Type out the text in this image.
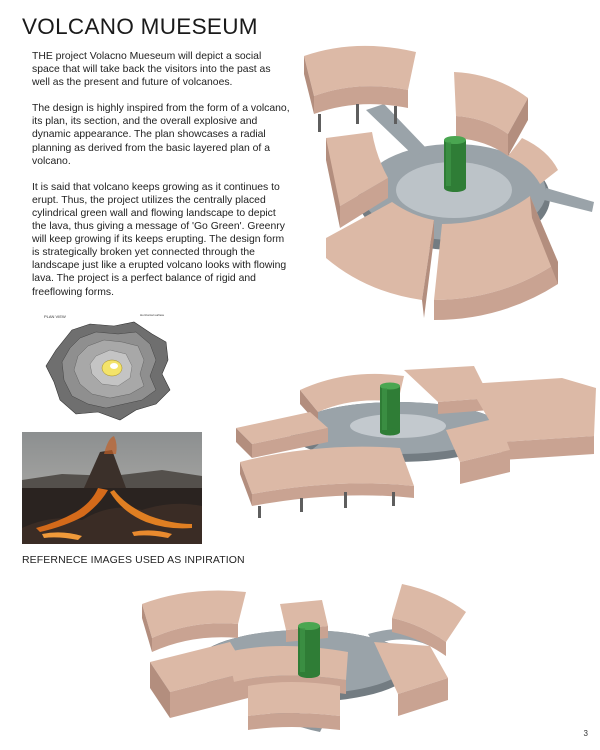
VOLCANO MUESEUM

THE project Volacno Mueseum will depict a social space that will take back the visitors into the past as well as the present and future of volcanoes.

The design is highly inspired from the form of a volcano, its plan, its section, and the overall explosive and dynamic appearance. The plan showcases a radial planning as derived from the basic layered plan of a volcano.

It is said that volcano keeps growing as it continues to erupt. Thus, the project utilizes the centrally placed cylindrical green wall and flowing landscape to depict the lava, thus giving a message of 'Go Green'. Greenry will keep growing if its keeps erupting. The design form is strategically broken yet connected through the landscape just like a erupted volcano looks with flowing lava. The project is a perfect balance of rigid and freeflowing forms.

PLAN VIEW	Horizontal surface
REFERNECE IMAGES USED AS INPIRATION
3
